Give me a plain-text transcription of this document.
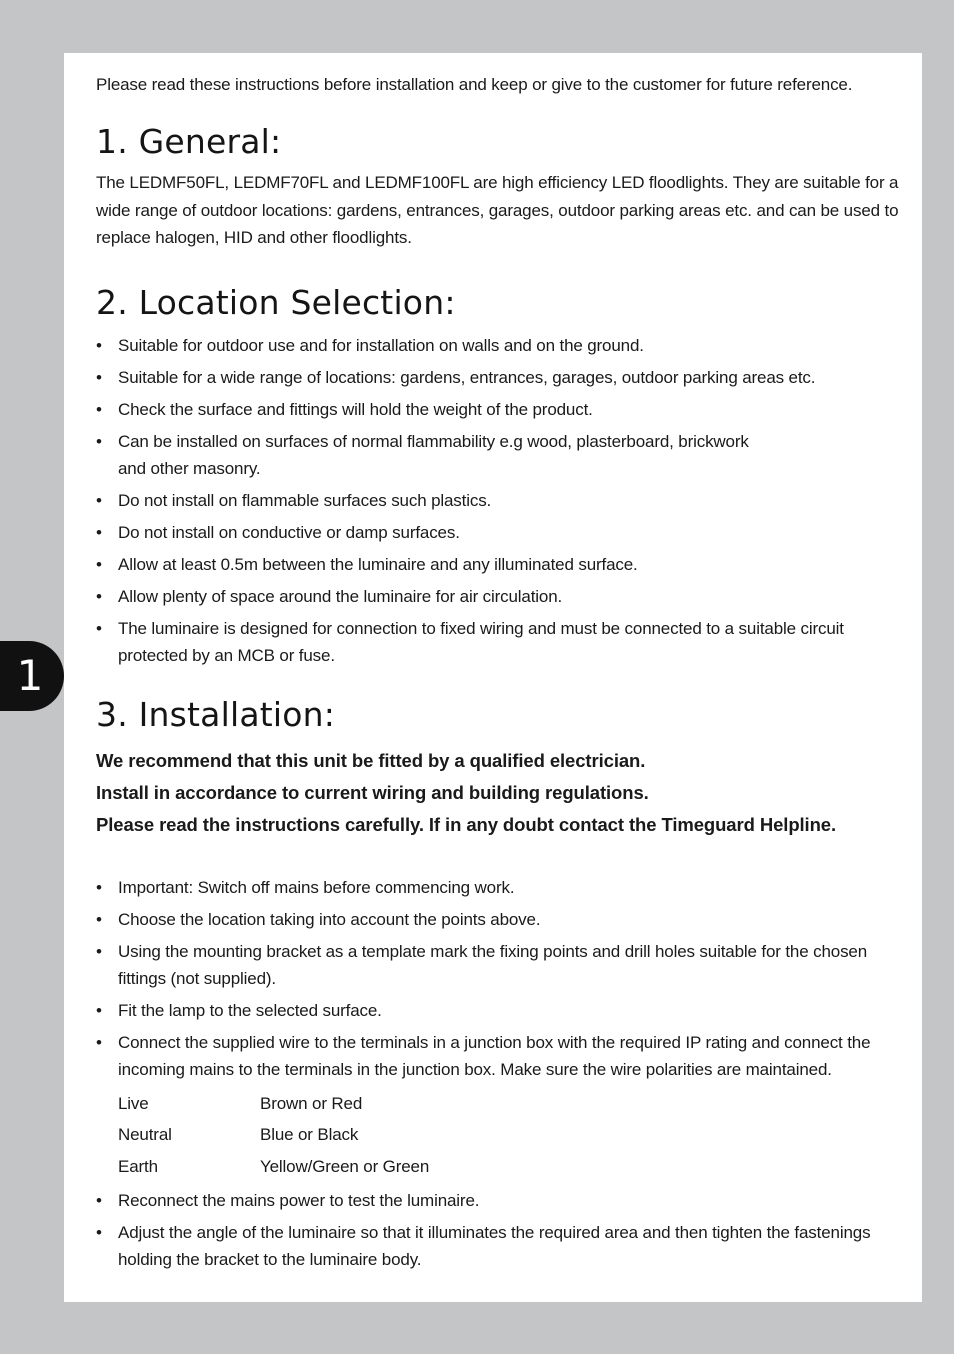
Please read these instructions before installation and keep or give to the customer for future reference.

1. General:

The LEDMF50FL, LEDMF70FL and LEDMF100FL are high efficiency LED floodlights. They are suitable for a wide range of outdoor locations: gardens, entrances, garages, outdoor parking areas etc. and can be used to replace halogen, HID and other floodlights.

2. Location Selection:
• Suitable for outdoor use and for installation on walls and on the ground.
• Suitable for a wide range of locations: gardens, entrances, garages, outdoor parking areas etc.
• Check the surface and fittings will hold the weight of the product.
• Can be installed on surfaces of normal flammability e.g wood, plasterboard, brickwork
and other masonry.
• Do not install on flammable surfaces such plastics.
• Do not install on conductive or damp surfaces.
• Allow at least 0.5m between the luminaire and any illuminated surface.
• Allow plenty of space around the luminaire for air circulation.
• The luminaire is designed for connection to fixed wiring and must be connected to a suitable circuit protected by an MCB or fuse.
3. Installation:

We recommend that this unit be fitted by a qualified electrician.

Install in accordance to current wiring and building regulations.

Please read the instructions carefully. If in any doubt contact the Timeguard Helpline.

• Important: Switch off mains before commencing work.
• Choose the location taking into account the points above.
• Using the mounting bracket as a template mark the fixing points and drill holes suitable for the chosen fittings (not supplied).
• Fit the lamp to the selected surface.
• Connect the supplied wire to the terminals in a junction box with the required IP rating and connect the incoming mains to the terminals in the junction box. Make sure the wire polarities are maintained.
Live	Brown or Red
Neutral	Blue or Black
Earth	Yellow/Green or Green
• Reconnect the mains power to test the luminaire.
• Adjust the angle of the luminaire so that it illuminates the required area and then tighten the fastenings holding the bracket to the luminaire body.
1
